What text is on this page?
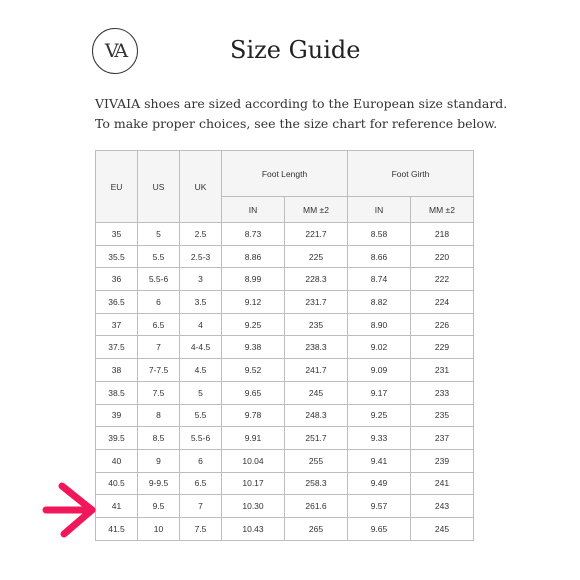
VA	Size Guide
VIVAIA shoes are sized according to the European size standard.
To make proper choices, see the size chart for reference below.
EU	US	UK	Foot Length		Foot Girth	
			IN	MM ±2	IN	MM ±2
35	5	2.5	8.73	221.7	8.58	218
35.5	5.5	2.5-3	8.86	225	8.66	220
36	5.5-6	3	8.99	228.3	8.74	222
36.5	6	3.5	9.12	231.7	8.82	224
37	6.5	4	9.25	235	8.90	226
37.5	7	4-4.5	9.38	238.3	9.02	229
38	7-7.5	4.5	9.52	241.7	9.09	231
38.5	7.5	5	9.65	245	9.17	233
39	8	5.5	9.78	248.3	9.25	235
39.5	8.5	5.5-6	9.91	251.7	9.33	237
40	9	6	10.04	255	9.41	239
40.5	9-9.5	6.5	10.17	258.3	9.49	241
41	9.5	7	10.30	261.6	9.57	243
41.5	10	7.5	10.43	265	9.65	245
